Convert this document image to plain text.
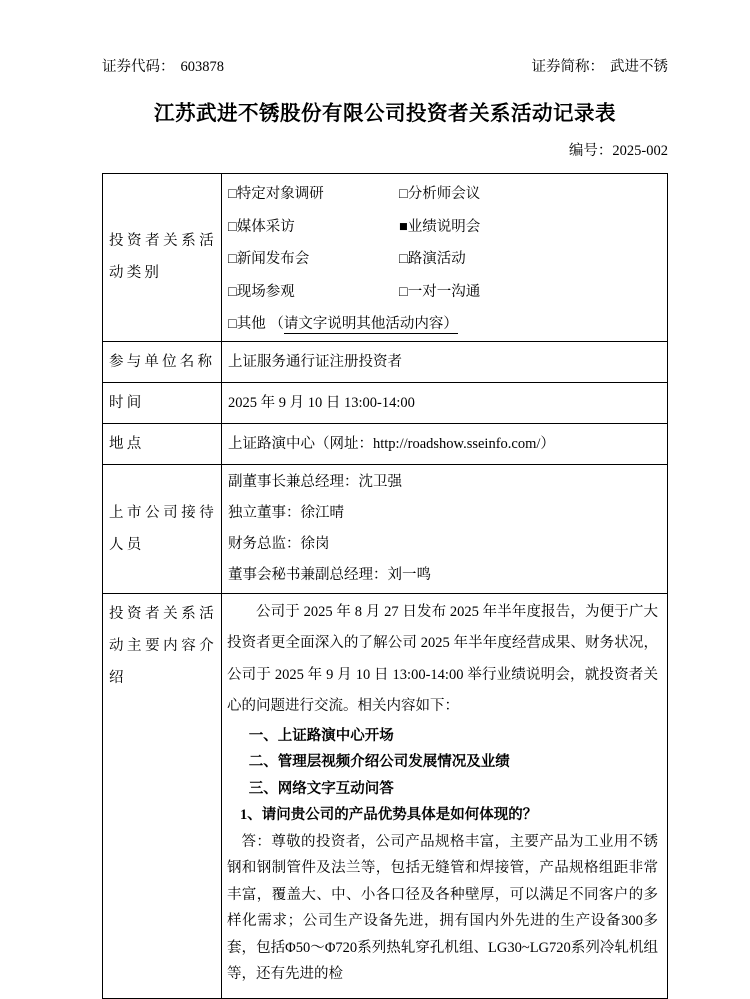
证券代码： 603878	证券简称： 武进不锈
江苏武进不锈股份有限公司投资者关系活动记录表
编号：2025-002
投资者关系活动类别	
□特定对象调研	□分析师会议
□媒体采访	■业绩说明会
□新闻发布会	□路演活动
□现场参观	□一对一沟通
□其他 （请文字说明其他活动内容）

参与单位名称	上证服务通行证注册投资者
时间	2025 年 9 月 10 日 13:00-14:00
地点	上证路演中心（网址：http://roadshow.sseinfo.com/）
上市公司接待人员	副董事长兼总经理：沈卫强
独立董事：徐江晴
财务总监：徐岗
董事会秘书兼副总经理：刘一鸣

投资者关系活动主要内容介绍	

公司于 2025 年 8 月 27 日发布 2025 年半年度报告，为便于广大投资者更全面深入的了解公司 2025 年半年度经营成果、财务状况，公司于 2025 年 9 月 10 日 13:00-14:00 举行业绩说明会，就投资者关心的问题进行交流。相关内容如下：

一、上证路演中心开场

二、管理层视频介绍公司发展情况及业绩

三、网络文字互动问答

1、请问贵公司的产品优势具体是如何体现的？

答：尊敬的投资者，公司产品规格丰富，主要产品为工业用不锈钢和钢制管件及法兰等，包括无缝管和焊接管，产品规格组距非常丰富，覆盖大、中、小各口径及各种壁厚，可以满足不同客户的多样化需求；公司生产设备先进，拥有国内外先进的生产设备300多套，包括Φ50～Φ720系列热轧穿孔机组、LG30~LG720系列冷轧机组等，还有先进的检
